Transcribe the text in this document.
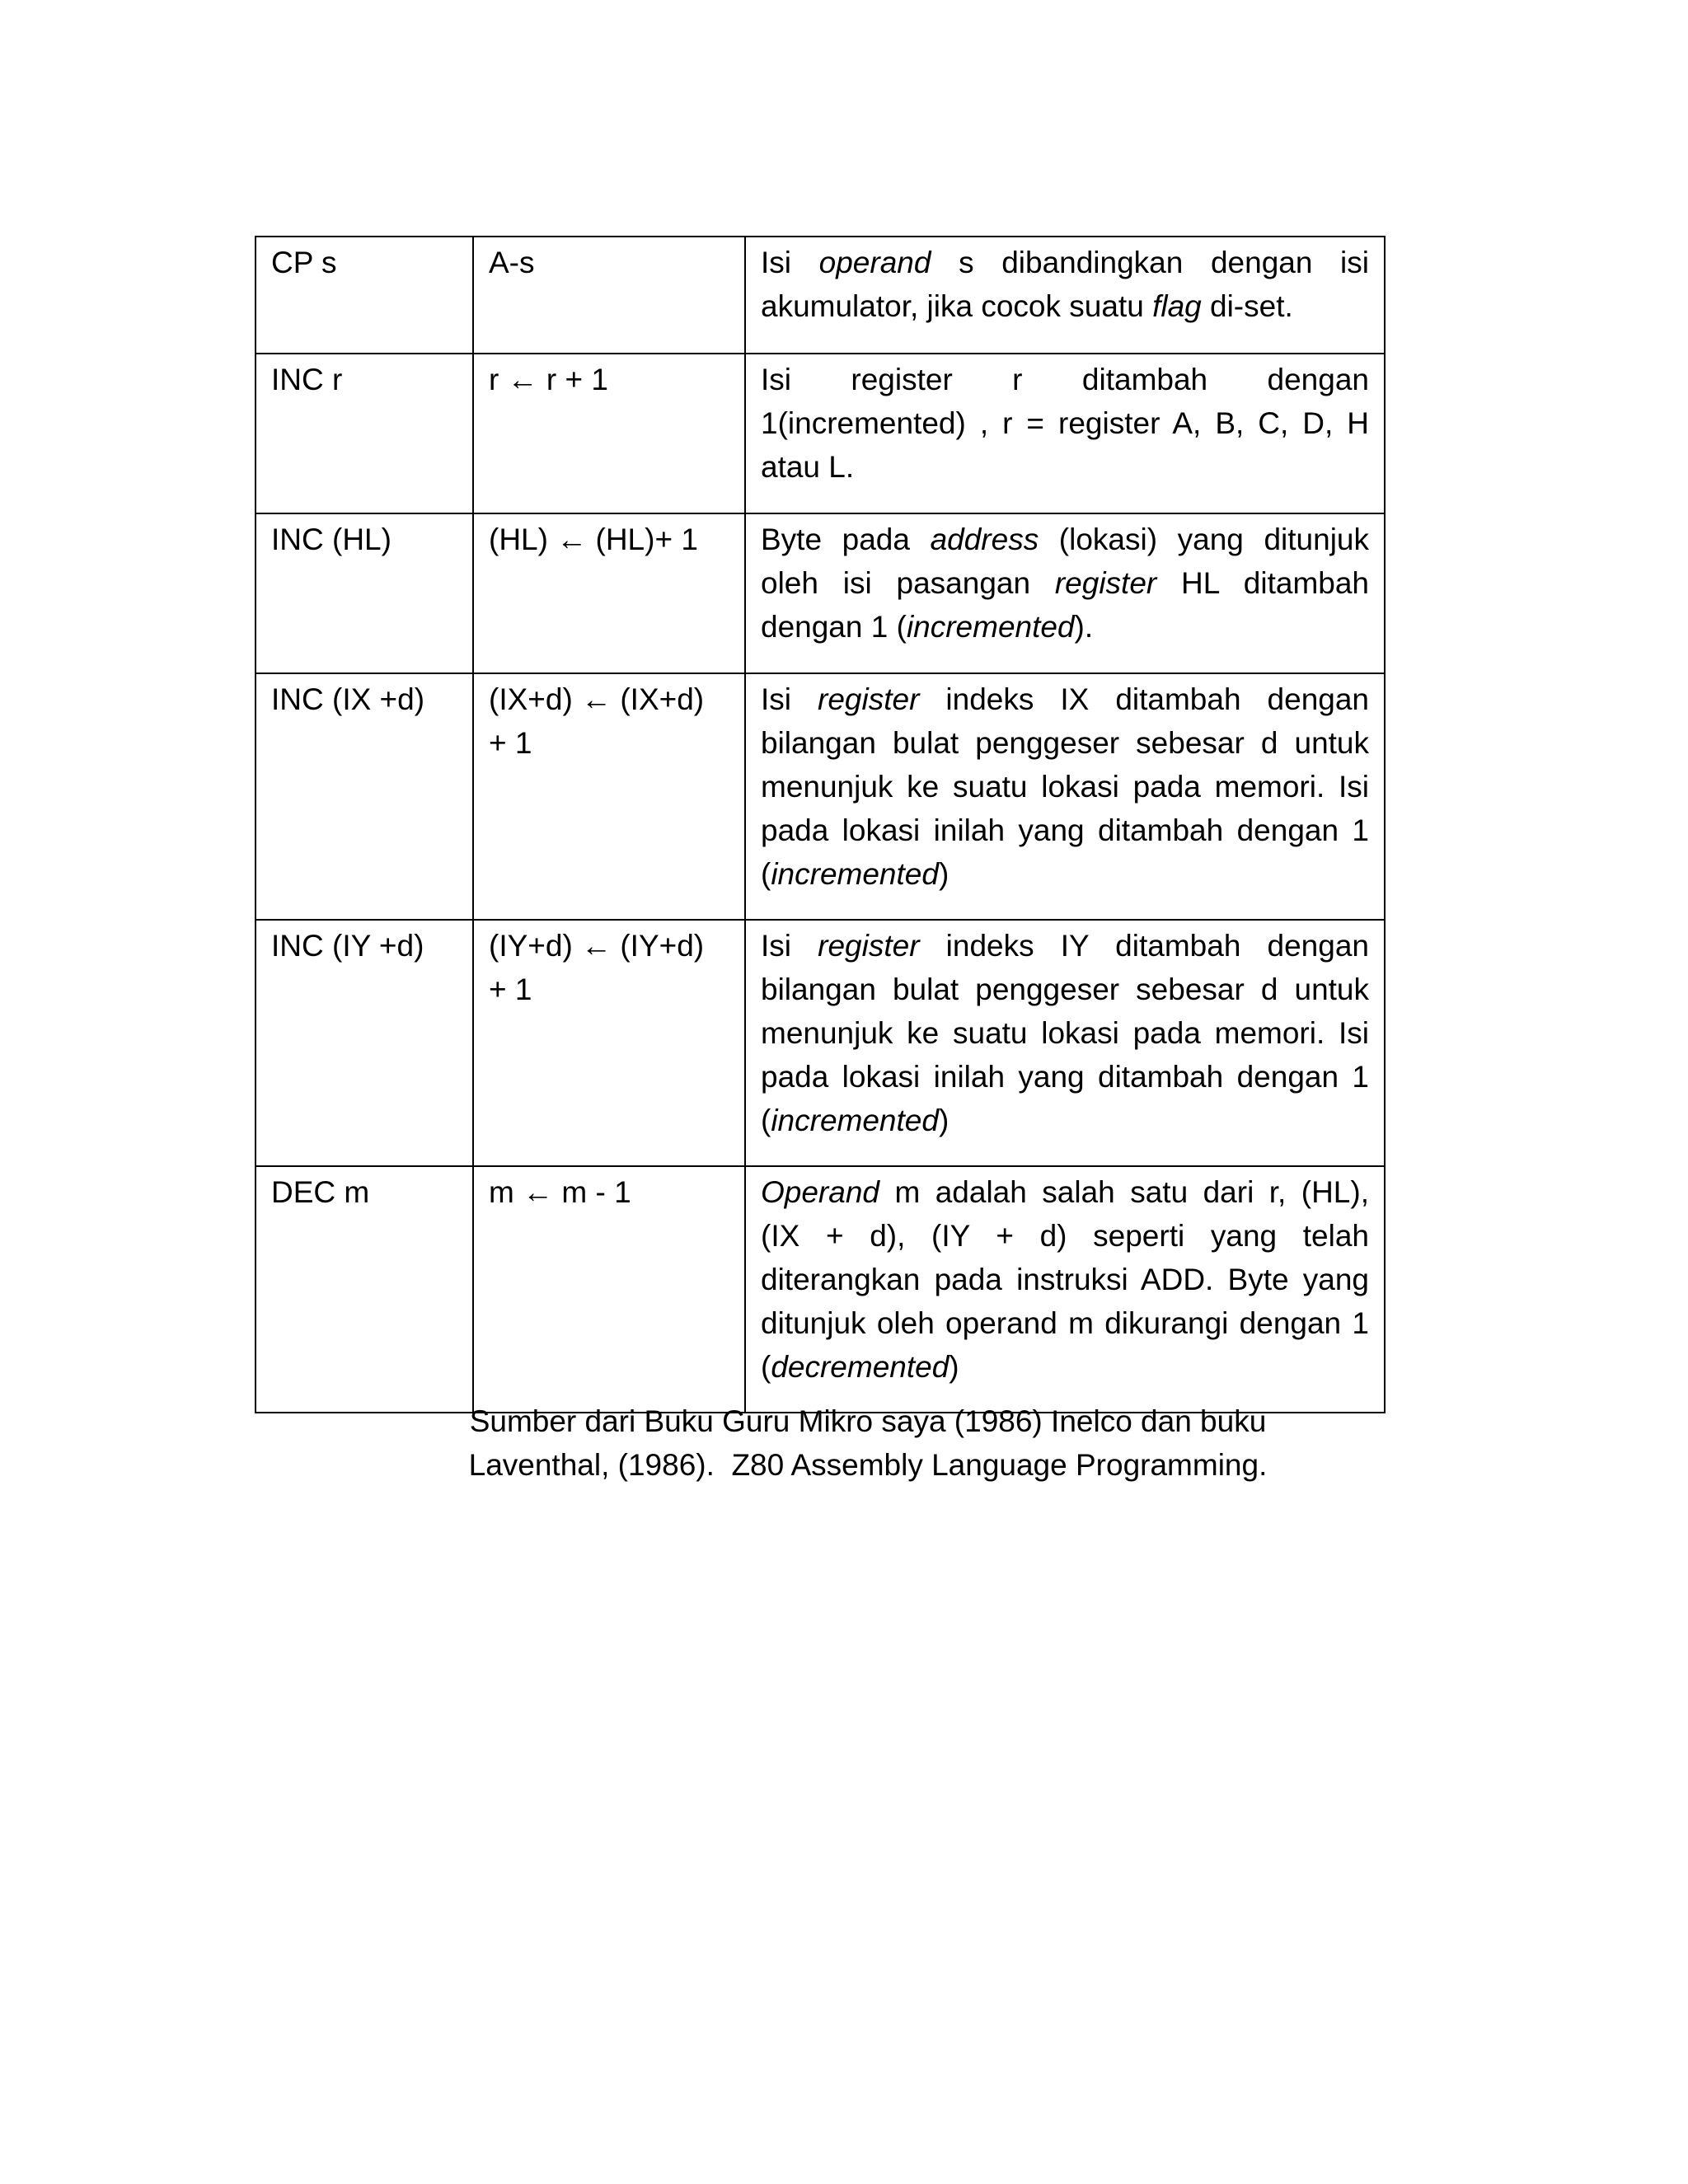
CP s	A-s	Isi operand s dibandingkan dengan isi akumulator, jika cocok suatu flag di-set.
INC r	r ← r + 1	Isi register r ditambah dengan 1(incremented) , r = register A, B, C, D, H atau L.
INC (HL)	(HL) ← (HL)+ 1	Byte pada address (lokasi) yang ditunjuk oleh isi pasangan register HL ditambah dengan 1 (incremented).
INC (IX +d)	(IX+d) ← (IX+d) + 1	Isi register indeks IX ditambah dengan bilangan bulat penggeser sebesar d untuk menunjuk ke suatu lokasi pada memori. Isi pada lokasi inilah yang ditambah dengan 1 (incremented)
INC (IY +d)	(IY+d) ← (IY+d) + 1	Isi register indeks IY ditambah dengan bilangan bulat penggeser sebesar d untuk menunjuk ke suatu lokasi pada memori. Isi pada lokasi inilah yang ditambah dengan 1 (incremented)
DEC m	m ← m - 1	Operand m adalah salah satu dari r, (HL), (IX + d), (IY + d) seperti yang telah diterangkan pada instruksi ADD. Byte yang ditunjuk oleh operand m dikurangi dengan 1 (decremented)
Sumber dari Buku Guru Mikro saya (1986) Inelco dan buku
Laventhal, (1986).  Z80 Assembly Language Programming.
